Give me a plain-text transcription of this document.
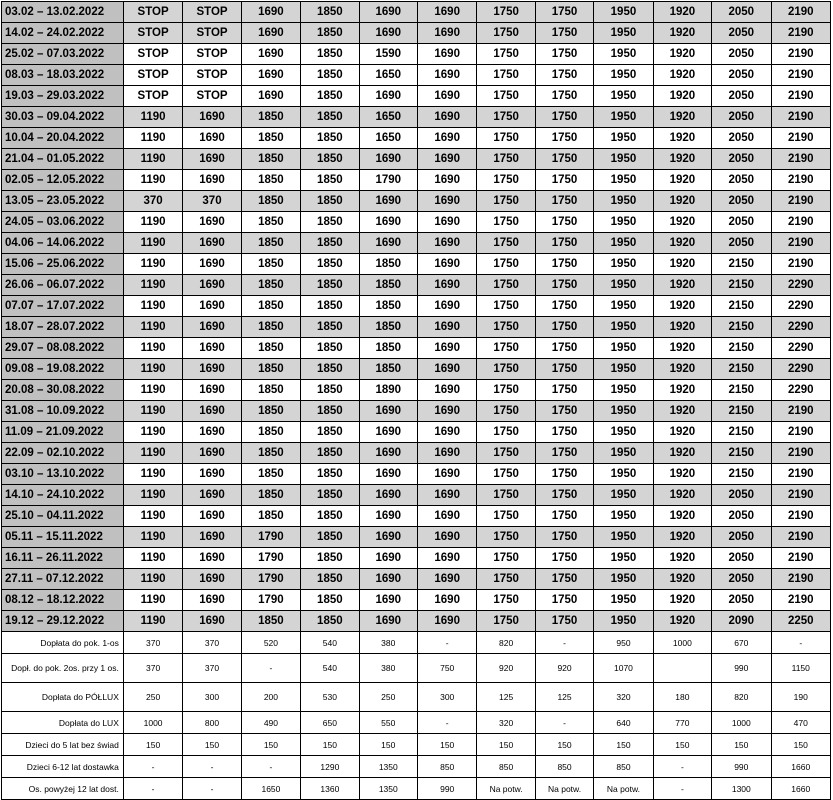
03.02 – 13.02.2022	STOP	STOP	1690	1850	1690	1690	1750	1750	1950	1920	2050	2190
14.02 – 24.02.2022	STOP	STOP	1690	1850	1690	1690	1750	1750	1950	1920	2050	2190
25.02 – 07.03.2022	STOP	STOP	1690	1850	1590	1690	1750	1750	1950	1920	2050	2190
08.03 – 18.03.2022	STOP	STOP	1690	1850	1650	1690	1750	1750	1950	1920	2050	2190
19.03 – 29.03.2022	STOP	STOP	1690	1850	1690	1690	1750	1750	1950	1920	2050	2190
30.03 – 09.04.2022	1190	1690	1850	1850	1650	1690	1750	1750	1950	1920	2050	2190
10.04 – 20.04.2022	1190	1690	1850	1850	1650	1690	1750	1750	1950	1920	2050	2190
21.04 – 01.05.2022	1190	1690	1850	1850	1690	1690	1750	1750	1950	1920	2050	2190
02.05 – 12.05.2022	1190	1690	1850	1850	1790	1690	1750	1750	1950	1920	2050	2190
13.05 – 23.05.2022	370	370	1850	1850	1690	1690	1750	1750	1950	1920	2050	2190
24.05 – 03.06.2022	1190	1690	1850	1850	1690	1690	1750	1750	1950	1920	2050	2190
04.06 – 14.06.2022	1190	1690	1850	1850	1690	1690	1750	1750	1950	1920	2050	2190
15.06 – 25.06.2022	1190	1690	1850	1850	1850	1690	1750	1750	1950	1920	2150	2190
26.06 – 06.07.2022	1190	1690	1850	1850	1850	1690	1750	1750	1950	1920	2150	2290
07.07 – 17.07.2022	1190	1690	1850	1850	1850	1690	1750	1750	1950	1920	2150	2290
18.07 – 28.07.2022	1190	1690	1850	1850	1850	1690	1750	1750	1950	1920	2150	2290
29.07 – 08.08.2022	1190	1690	1850	1850	1850	1690	1750	1750	1950	1920	2150	2290
09.08 – 19.08.2022	1190	1690	1850	1850	1850	1690	1750	1750	1950	1920	2150	2290
20.08 – 30.08.2022	1190	1690	1850	1850	1890	1690	1750	1750	1950	1920	2150	2290
31.08 – 10.09.2022	1190	1690	1850	1850	1690	1690	1750	1750	1950	1920	2150	2190
11.09 – 21.09.2022	1190	1690	1850	1850	1690	1690	1750	1750	1950	1920	2150	2190
22.09 – 02.10.2022	1190	1690	1850	1850	1690	1690	1750	1750	1950	1920	2150	2190
03.10 – 13.10.2022	1190	1690	1850	1850	1690	1690	1750	1750	1950	1920	2150	2190
14.10 – 24.10.2022	1190	1690	1850	1850	1690	1690	1750	1750	1950	1920	2050	2190
25.10 – 04.11.2022	1190	1690	1850	1850	1690	1690	1750	1750	1950	1920	2050	2190
05.11 – 15.11.2022	1190	1690	1790	1850	1690	1690	1750	1750	1950	1920	2050	2190
16.11 – 26.11.2022	1190	1690	1790	1850	1690	1690	1750	1750	1950	1920	2050	2190
27.11 – 07.12.2022	1190	1690	1790	1850	1690	1690	1750	1750	1950	1920	2050	2190
08.12 – 18.12.2022	1190	1690	1790	1850	1690	1690	1750	1750	1950	1920	2050	2190
19.12 – 29.12.2022	1190	1690	1850	1850	1690	1690	1750	1750	1950	1920	2090	2250
Dopłata do pok. 1-os	370	370	520	540	380	-	820	-	950	1000	670	-
Dopł. do pok. 2os. przy 1 os.	370	370	-	540	380	750	920	920	1070		990	1150
Dopłata do PÓŁLUX	250	300	200	530	250	300	125	125	320	180	820	190
Dopłata do LUX	1000	800	490	650	550	-	320	-	640	770	1000	470
Dzieci do 5 lat bez świad	150	150	150	150	150	150	150	150	150	150	150	150
Dzieci 6-12 lat dostawka	-	-	-	1290	1350	850	850	850	850	-	990	1660
Os. powyżej 12 lat dost.	-	-	1650	1360	1350	990	Na potw.	Na potw.	Na potw.	-	1300	1660
